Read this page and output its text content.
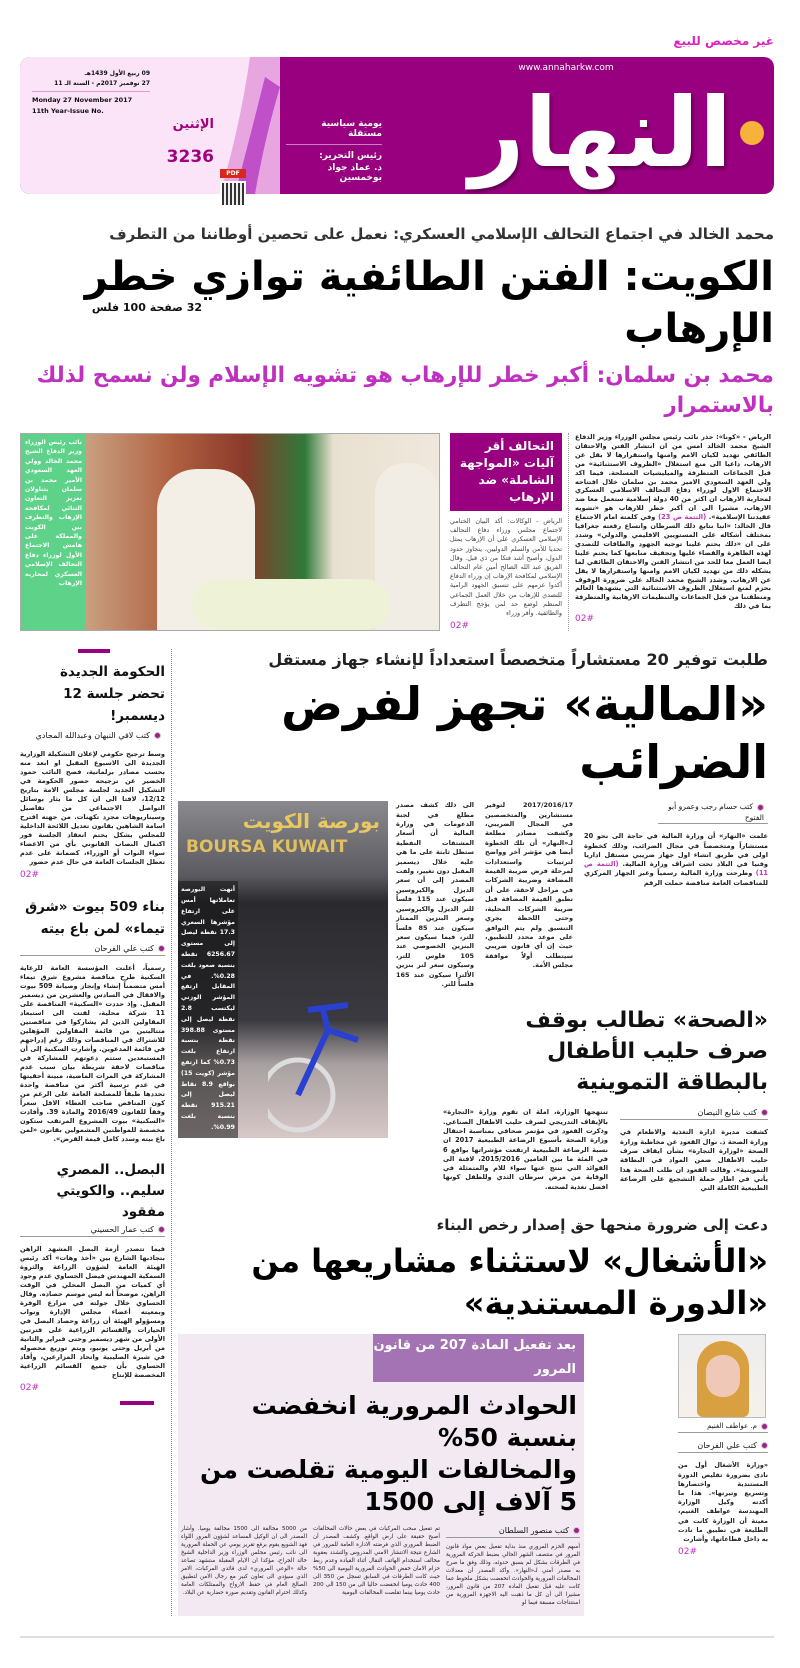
غير مخصص للبيع
09 ربيع الأول 1439هـ
27 نوفمبر 2017م - السنة الـ 11
Monday 27 November 2017
11th Year-Issue No.
الإثنين
3236
PDF
32 صفحة 100 فلس
يومية سياسية مستقلة
رئيس التحرير:
د. عماد جواد بوخمسين
www.annaharkw.com
النهار
محمد الخالد في اجتماع التحالف الإسلامي العسكري: نعمل على تحصين أوطاننا من التطرف
الكويت: الفتن الطائفية توازي خطر الإرهاب
محمد بن سلمان: أكبر خطر للإرهاب هو تشويه الإسلام ولن نسمح لذلك بالاستمرار
نائب رئيس الوزراء وزير الدفاع الشيخ محمد الخالد وولي العهد السعودي الأمير محمد بن سلمان يتناولان تعزيز التعاون الثنائي لمكافحة الإرهاب والتطرف بين الكويت والمملكة على هامش الاجتماع الأول لوزراء دفاع التحالف الإسلامي العسكري لمحاربة الإرهاب
التحالف أقر آليات «المواجهة الشاملة» ضد الإرهاب
الرياض - الوكالات: أكد البيان الختامي لاجتماع مجلس وزراء دفاع التحالف الإسلامي العسكري على أن الإرهاب يمثل تحديا للأمن والسلم الدوليين، يتجاوز حدود الدول، وأصبح أشد فتكا من ذي قبل. وقال الفريق عبد الله الصالح أمين عام التحالف الإسلامي لمكافحة الإرهاب إن وزراء الدفاع أكدوا عزمهم على تنسيق الجهود الرامية للتصدي للإرهاب من خلال العمل الجماعي المنظم لوضع حد لمن يؤجج التطرف والطائفية. وأقر وزراء
02#
الرياض - «كونا»: حذر نائب رئيس مجلس الوزراء وزير الدفاع الشيخ محمد الخالد امس من ان انتشار الفتن والاحتقان الطائفي تهديد لكيان الامم وامنها واستقرارها لا يقل عن الارهاب، داعيا الى منع استغلال «الظروف الاستثنائية» من قبل الجماعات المتطرفة والميليشيات المسلحة. فيما اكد ولي العهد السعودي الامير محمد بن سلمان خلال افتتاحه الاجتماع الاول لوزراء دفاع التحالف الاسلامي العسكري لمحاربة الارهاب ان اكثر من 40 دولة إسلامية ستعمل معا ضد الارهاب، مشيرا الى ان أكبر خطر للارهاب هو «تشويه عقيدتنا الإسلامية». (التتمة ص 23) وفي كلمته امام الاجتماع قال الخالد: «اننا نتابع ذلك السرطان واتساع رقعته جغرافيا بمختلف أشكاله على المستويين الاقليمي والدولي» وشدد على ان «ذلك يحتم علينا توجيه الجهود والطاقات للتصدي لهذه الظاهرة والقضاء عليها وتجفيف منابعها كما يحتم علينا ايضا العمل معا للحد من انتشار الفتن والاحتقان الطائفي لما يشكله ذلك من تهديد لكيان الامم وامنها واستقرارها لا يقل عن الارهاب. وشدد الشيخ محمد الخالد على ضرورة الوقوف بحزم لمنع استغلال الظروف الاستثنائية التي يشهدها العالم ومنطقتنا من قبل الجماعات والتنظيمات الارهابية والمتطرفة بما في ذلك
02#
الحكومة الجديدة تحضر جلسة 12 ديسمبر!
كتب لافي النبهان وعبدالله المجادي
وسط ترجيح حكومي لإعلان التشكيلة الوزارية الجديدة الى الاسبوع المقبل او ابعد منه بحسب مصادر برلمانية، فصح النائب حمود الخضير عن ترجيحه حضور الحكومة في التشكيل الجديد لجلسة مجلس الامة بتاريخ 12/12، لافتا الى ان كل ما يثار بوسائل التواصل الاجتماعي من تفاصيل وسيناريوهات مجرد تكهنات. من جهته اقترح اسامة الشاهين بقانون تعديل اللائحة الداخلية للمجلس بشكل يحتم انعقاد الجلسة فور اكتمال النصاب القانوني بأي من الاعضاء سواء النواب أو الوزراء، كضمانة على عدم تعطل الجلسات العامة في حال عدم حضور
02#
بناء 509 بيوت «شرق تيماء» لمن باع بيته
كتب علي الفرحان
رسمياً، أعلنت المؤسسة العامة للرعاية السكنية طرح مناقصة مشروع شرق تيماء أمس متضمناً إنشاء وإنجاز وصيانة 509 بيوت والاقفال في السادس والعشرين من ديسمبر المقبل. وإذ حددت «السكنية» المناقصة على 11 شركة محلية، لفتت الى استبعاد المقاولين الذين لم يشاركوا في مناقصتين متتاليتين من قائمة المقاولين المؤهلين للاشتراك في المناقصات وذلك رغم إدراجهم في قائمة المدعوين. وأشارت السكنية إلى أن المستبعدين ستتم دعوتهم للمشاركة في مناقصات لاحقة شريطة بيان سبب عدم المشاركة في المرات الماضية، مبينة أحقيتها في عدم ترسية أكثر من مناقصة واحدة تحددها طبقاً للمصلحة العامة على الرغم من كون المناقص صاحب العطاء الاقل سعراً وفقاً للقانون 2016/49 والمادة 39. وأفادت «السكنية» بيوت المشروع المرتقب ستكون مخصصة للمواطنين المشمولين بقانون «لمن باع بيته وسدد كامل قيمة القرض».
البصل.. المصري سليم.. والكويتي مفقود
كتب عمار الحسيني
فيما تتصدر أزمة البصل المشهد الراهن بتجاذبها الشارع بين «أخذ وهات» أكد رئيس الهيئة العامة لشؤون الزراعة والثروة السمكية المهندس فيصل الحساوي عدم وجود أي كميات من البصل المحلي في الوقت الراهن، موضحاً أنه ليس موسم حصاده. وقال الحساوي خلال جولته في مزارع الوفرة وبمعيته أعضاء مجلس الإدارة ونواب ومسؤولو الهيئة أن زراعة وحصاد البصل في الحيازات والقسائم الزراعية على فترتين الأولى من شهر ديسمبر وحتى فبراير والثانية من أبريل وحتى يونيو، ويتم توزيع محصوله في شبرة الصليبية واتحاد المزارعين، وأفاد الحساوي بأن جميع القسائم الزراعية المخصصة للإنتاج
02#
طلبت توفير 20 مستشاراً متخصصاً استعداداً لإنشاء جهاز مستقل
«المالية» تجهز لفرض الضرائب
بورصة الكويت
BOURSA KUWAIT
أنهت البورصة تعاملاتها أمس على ارتفاع مؤشرها السعري 17.3 نقطة ليصل إلى مستوى 6256.67 نقطة بنسبة صعود بلغت 0.28%. في المقابل ارتفع المؤشر الوزني ليكتسب 2.8 نقطة ليصل إلى مستوى 398.88 نقطة بنسبة ارتفاع بلغت 0.73% كما ارتفع مؤشر (كويت 15) بواقع 8.9 نقاط ليصل إلى 915.21 نقطة بنسبة بلغت 0.99%.
الى ذلك كشف مصدر مطلع في لجنة الدعومات في وزارة المالية أن أسعار المشتقات النفطية ستظل ثابتة على ما هي عليه خلال ديسمبر المقبل دون تغيير، ولفت المصدر إلى أن سعر الديزل والكيروسين سيكون عند 115 فلساً للتر الديزل والكيروسين وسعر البنزين الممتاز سيكون عند 85 فلساً للتر، فيما سيكون سعر البنزين الخصوصي عند 105 فلوس للتر، وسيكون سعر لتر بنزين الألترا سيكون عند 165 فلساً للتر.
2017/2016/17 لتوفير مستشارين والمتخصصين في المجال الضريبي، وكشفت مصادر مطلعة لـ«النهار» أن تلك الخطوة أيضا هي مؤشر آخر وواضح لترتيبات واستعدادات لمرحلة فرض ضريبة القيمة المضافة وضريبة الشركات في مراحل لاحقة، على أن تطبق القيمة المضافة قبل ضريبة الشركات المحلية، وحتى اللحظة يجري التنسيق ولم يتم التوافق على موعد محدد للتطبيق، حيث إن أي قانون ضريبي سيتطلب أولاً موافقة مجلس الأمة.
كتب حسام رجب وعمرو أبو الفتوح
علمت «النهار» أن وزارة المالية في حاجة الى نحو 20 مستشاراً ومتخصصاً في مجال الضرائب، وذلك كخطوة اولى في طريق انشاء اول جهاز ضريبي مستقل اداريا وفنيا في البلاد تحت اشراف وزارة المالية. (التتمة ص 11) وطرحت وزارة المالية رسمياً وعبر الجهاز المركزي للمناقصات العامة مناقصة حملت الرقم
«الصحة» تطالب بوقف صرف حليب الأطفال بالبطاقة التموينية
تنتهجها الوزارة، املة ان تقوم وزارة «التجارة» بالإيقاف التدريجي لصرف حليب الاطفال الصناعي. وذكرت القعود في مؤتمر صحافي بمناسبة احتفال وزارة الصحة بأسبوع الرضاعة الطبيعية 2017 ان نسبة الرضاعة الطبيعية ارتفعت مؤشراتها بواقع 6 في المئة ما بين العامين 2015/2016، لافتة الى الفوائد التي تنتج عنها سواء للام والمتمثلة في الوقاية من مرض سرطان الثدي وللطفل كونها افضل تغذية لصحته.
كتب شايع النيصان
كشفت مديرة ادارة التغذية والاطعام في وزارة الصحة د. نوال القعود عن مخاطبة وزارة الصحة «لوزارة التجارة» بشأن ايقاف صرف حليب الاطفال ضمن المواد في البطاقة التموينية». وقالت القعود ان طلب الصحة هذا يأتي في اطار حملة التشجيع على الرضاعة الطبيعية الكاملة التي
دعت إلى ضرورة منحها حق إصدار رخص البناء
«الأشغال» لاستثناء مشاريعها من «الدورة المستندية»
بعد تفعيل المادة 207 من قانون المرور
الحوادث المرورية انخفضت بنسبة 50%
والمخالفات اليومية تقلصت من 5 آلاف إلى 1500
من 5000 مخالفة الى 1500 مخالفة يوميا. وأشار المصدر الى ان الوكيل المساعد لشؤون المرور اللواء فهد الشويع يقوم برفع تقرير يومي عن الحملة المرورية الى نائب رئيس مجلس الوزراء وزير الداخلية الشيخ خالد الجراح، مؤكدا ان الايام المقبلة ستشهد تصاعد حالة «الوعي المروري» لدى قائدي المركبات، الامر الذي سيؤدي الى تعاون كبير مع رجال الامن لتطبيق الصالح العام في حفظ الارواح والممتلكات العامة وكذلك احترام القانون وتقديم صورة حضارية عن البلاد.
تم تفعيل سحب المركبات في بعض حالات المخالفات أصبح حقيقة على ارض الواقع. وكشف المصدر أن الضبط المروري الذي فرضته الادارة العامة للمرور في الشارع نتيجة الانتشار الامني المدروس والتشدد بعقوبة مخالف استخدام الهاتف النقال أثناء القيادة وعدم ربط حزام الامان خفض الحوادث المرورية اليومية الى 50% حيث كانت الطرقات في السابق تسجل من 350 الى 400 حادث يوميا انخفضت حاليا الى من 150 الى 200 حادث يوميا بينما تقلصت المخالفات اليومية
كتب منصور السلطان
أسهم الحزم المروري منذ بداية تفعيل بعض مواد قانون المرور في منتصف الشهر الحالي بضبط الحركة المرورية في الطرقات بشكل لم يسبق حدوثه، وذلك وفق ما صرح به مصدر أمني لـ«النهار». وأكد المصدر أن معدلات المخالفات المرورية والحوادث انخفضت بشكل ملحوظ عما كانت عليه قبل تفعيل المادة 207 من قانون المرور، مشيرا الى أن كل ما ذهبت اليه الاجهزة المرورية من استنتاجات مسبقة فيما لو
م. عواطف الغنيم
كتب علي الفرحان
«وزارة الأشغال أول من نادى بضرورة تقليص الدورة المستندية واختصارها وتسريع وتيرتها». هذا ما أكدته وكيل الوزارة المهندسة عواطف الغنيم، معينة أن الوزارة كانت في الطليعة في تطبيق ما نادت به داخل قطاعاتها، وأشارت
02#
